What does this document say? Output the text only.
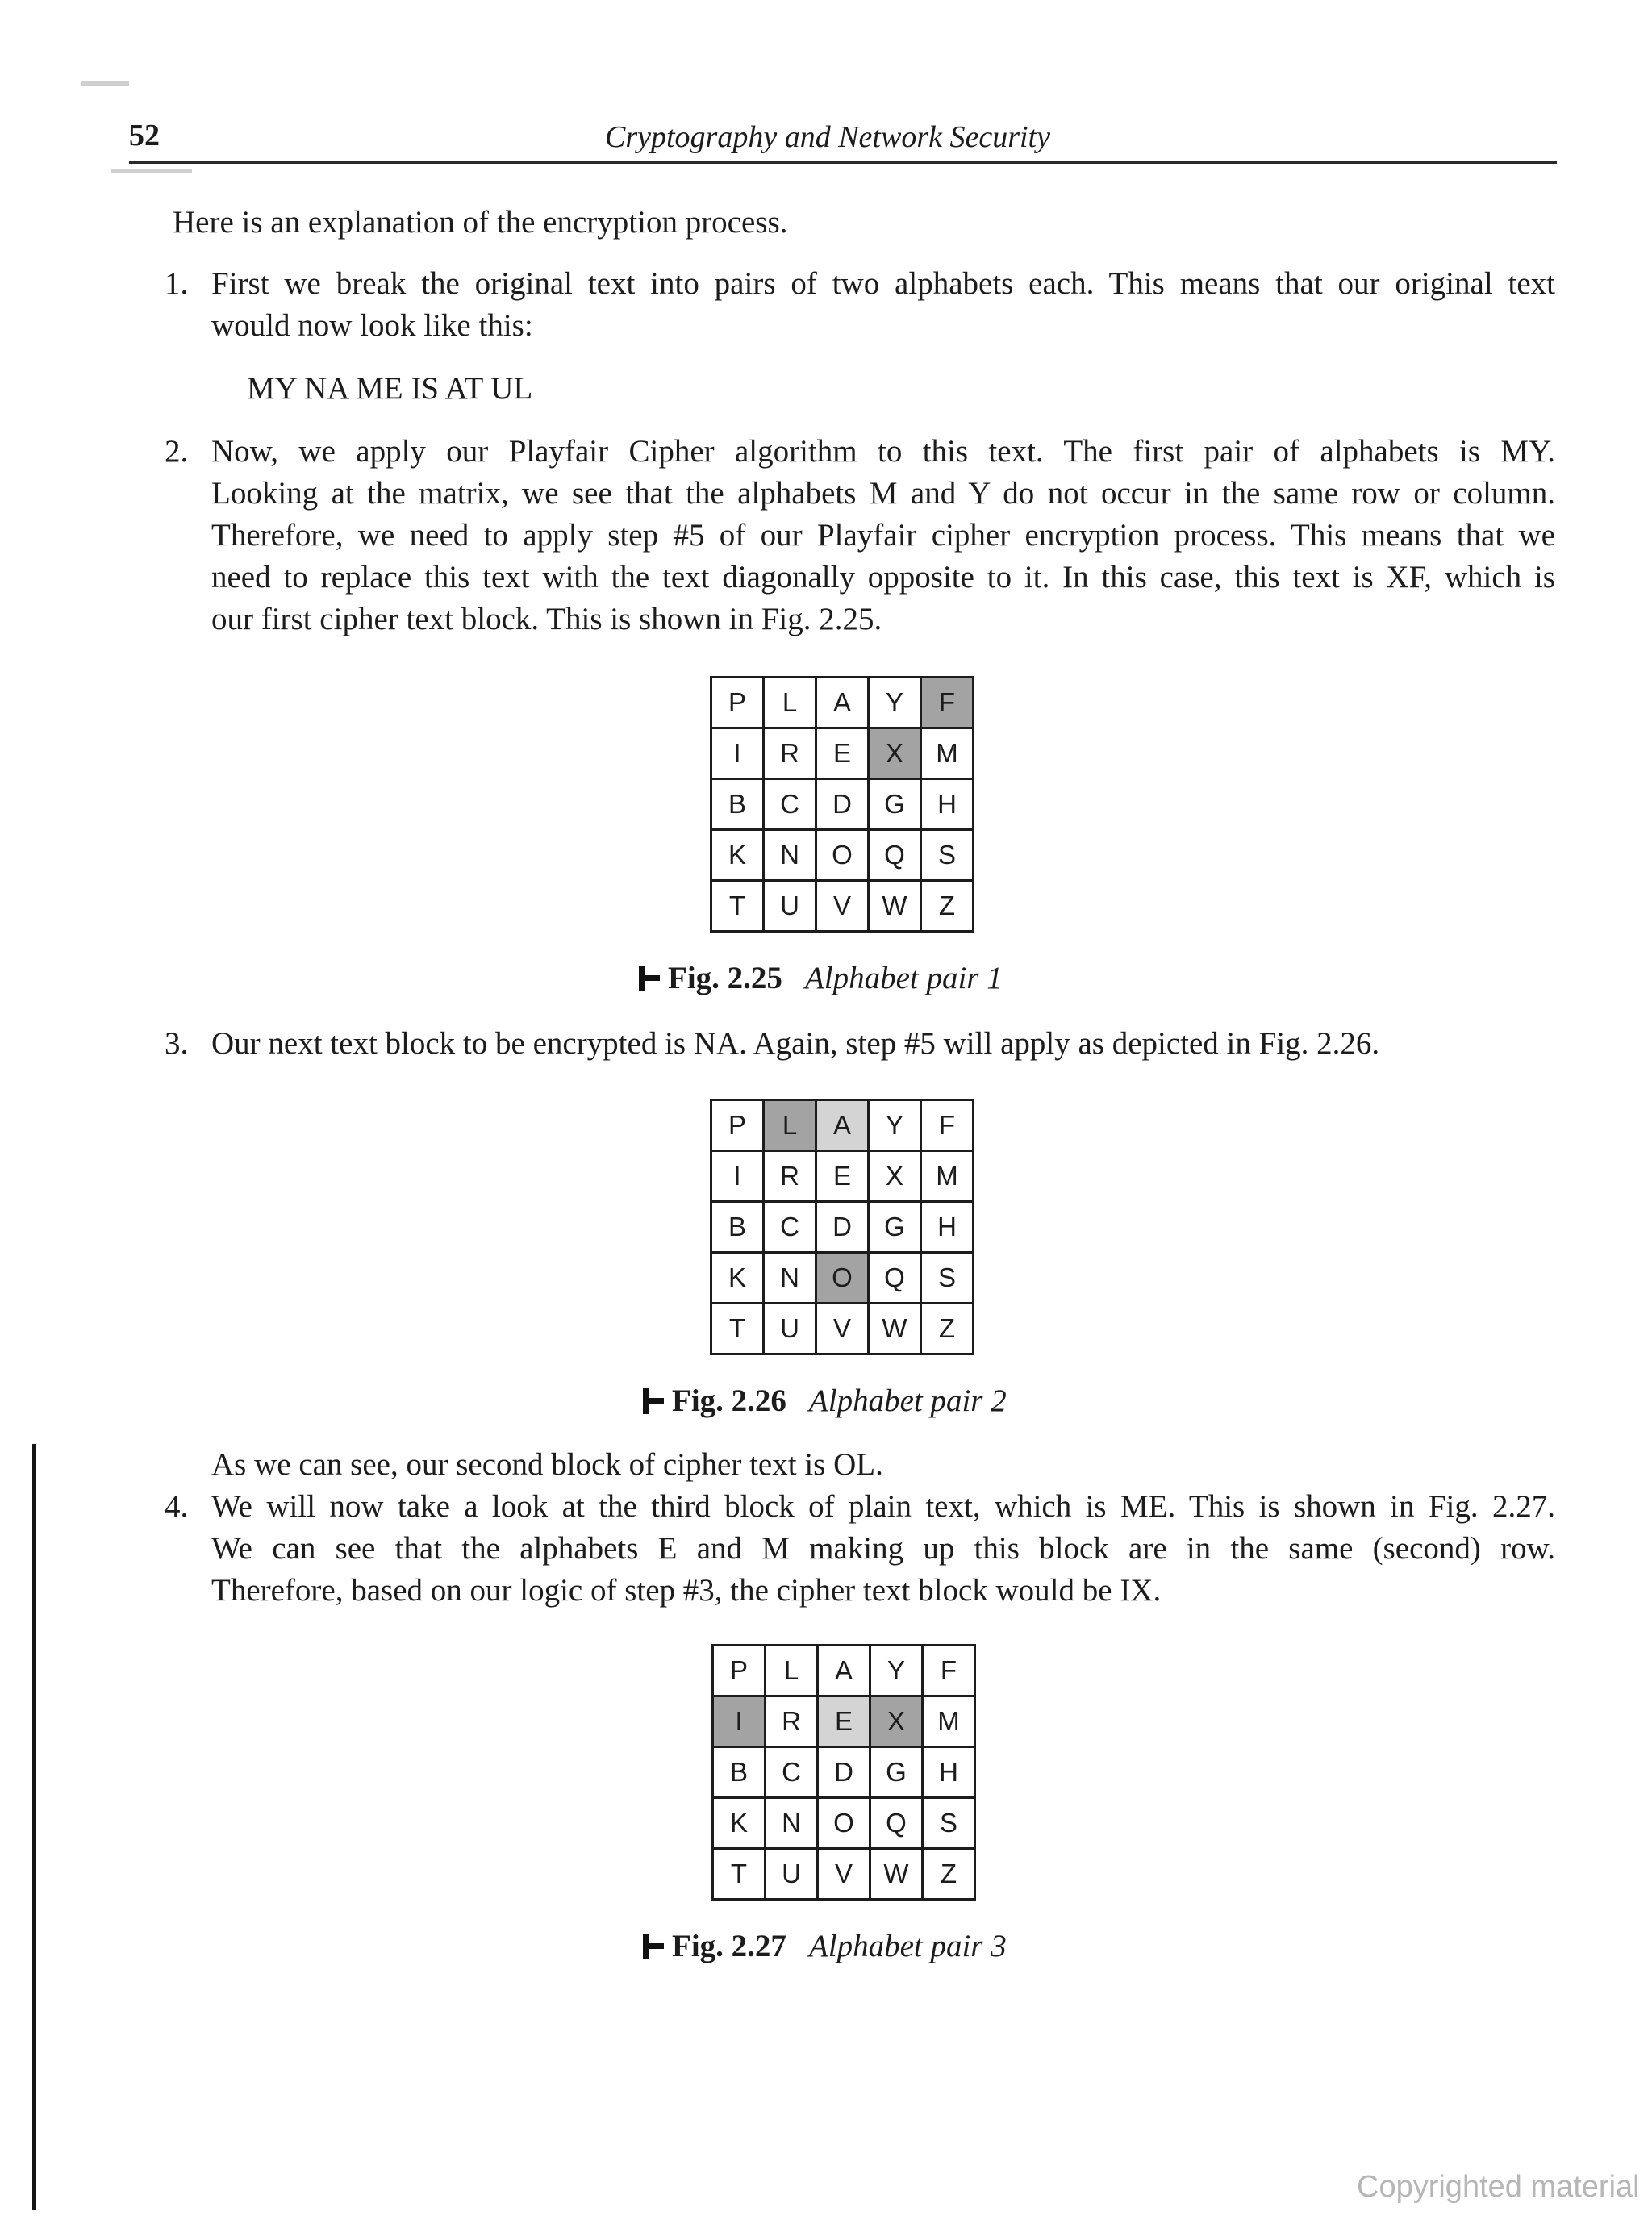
52	Cryptography and Network Security
Here is an explanation of the encryption process.
1. First we break the original text into pairs of two alphabets each. This means that our original text
would now look like this:
MY NA ME IS AT UL
2. Now, we apply our Playfair Cipher algorithm to this text. The first pair of alphabets is MY.
Looking at the matrix, we see that the alphabets M and Y do not occur in the same row or column.
Therefore, we need to apply step #5 of our Playfair cipher encryption process. This means that we
need to replace this text with the text diagonally opposite to it. In this case, this text is XF, which is
our first cipher text block. This is shown in Fig. 2.25.
P	L	A	Y	F
I	R	E	X	M
B	C	D	G	H
K	N	O	Q	S
T	U	V	W	Z
Fig. 2.25 Alphabet pair 1
3. Our next text block to be encrypted is NA. Again, step #5 will apply as depicted in Fig. 2.26.
P	L	A	Y	F
I	R	E	X	M
B	C	D	G	H
K	N	O	Q	S
T	U	V	W	Z
Fig. 2.26 Alphabet pair 2
As we can see, our second block of cipher text is OL.
4. We will now take a look at the third block of plain text, which is ME. This is shown in Fig. 2.27.
We can see that the alphabets E and M making up this block are in the same (second) row.
Therefore, based on our logic of step #3, the cipher text block would be IX.
P	L	A	Y	F
I	R	E	X	M
B	C	D	G	H
K	N	O	Q	S
T	U	V	W	Z
Fig. 2.27 Alphabet pair 3
Copyrighted material
